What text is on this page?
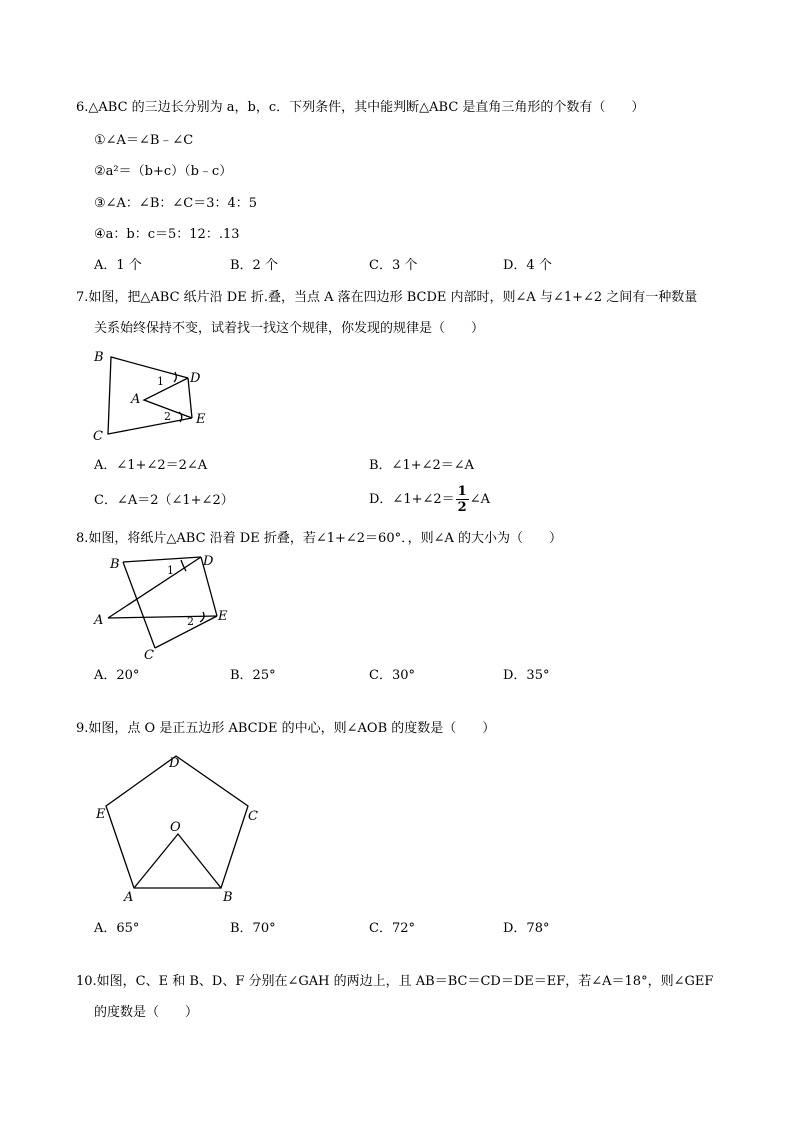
6.△ABC 的三边长分别为 a，b，c．下列条件，其中能判断△ABC 是直角三角形的个数有（　　）
①∠A＝∠B﹣∠C
②a²＝（b+c）（b﹣c）
③∠A：∠B：∠C＝3：4：5
④a：b：c＝5：12：.13
A．1 个	B．2 个	C．3 个	D．4 个
7.如图，把△ABC 纸片沿 DE 折.叠，当点 A 落在四边形 BCDE 内部时，则∠A 与∠1+∠2 之间有一种数量
关系始终保持不变，试着找一找这个规律，你发现的规律是（　　）
B
C
D
E
A
1
2
B	D
A	E
C
1
2
D
E	C
O
A	B
A．∠1+∠2＝2∠A	B．∠1+∠2＝∠A
C．∠A＝2（∠1+∠2）	D．∠1+∠2＝ $\frac{1}{2}$ ∠A
8.如图，将纸片△ABC 沿着 DE 折叠，若∠1+∠2＝60°．，则∠A 的大小为（　　）
A．20°	B．25°	C．30°	D．35°
9.如图，点 O 是正五边形 ABCDE 的中心，则∠AOB 的度数是（　　）
A．65°	B．70°	C．72°	D．78°
10.如图，C、E 和 B、D、F 分别在∠GAH 的两边上，且 AB＝BC＝CD＝DE＝EF，若∠A＝18°，则∠GEF
的度数是（　　）
